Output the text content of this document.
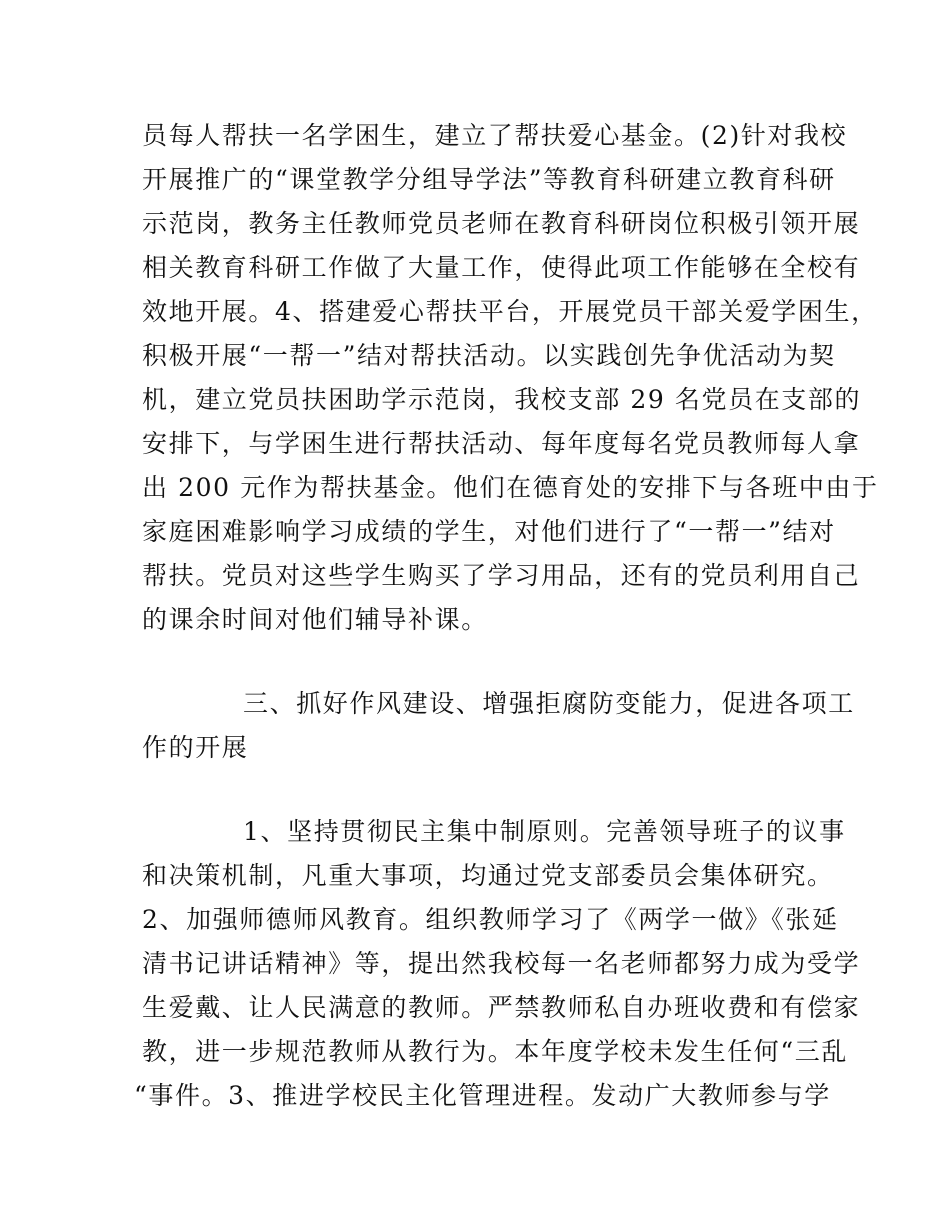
员每人帮扶一名学困生，建立了帮扶爱心基金。(2)针对我校
开展推广的“课堂教学分组导学法”等教育科研建立教育科研
示范岗，教务主任教师党员老师在教育科研岗位积极引领开展
相关教育科研工作做了大量工作，使得此项工作能够在全校有
效地开展。4、搭建爱心帮扶平台，开展党员干部关爱学困生，
积极开展“一帮一”结对帮扶活动。以实践创先争优活动为契
机，建立党员扶困助学示范岗，我校支部 29 名党员在支部的
安排下，与学困生进行帮扶活动、每年度每名党员教师每人拿
出 200 元作为帮扶基金。他们在德育处的安排下与各班中由于
家庭困难影响学习成绩的学生，对他们进行了“一帮一”结对
帮扶。党员对这些学生购买了学习用品，还有的党员利用自己
的课余时间对他们辅导补课。
三、抓好作风建设、增强拒腐防变能力，促进各项工
作的开展
1、坚持贯彻民主集中制原则。完善领导班子的议事
和决策机制，凡重大事项，均通过党支部委员会集体研究。
2、加强师德师风教育。组织教师学习了《两学一做》《张延
清书记讲话精神》等，提出然我校每一名老师都努力成为受学
生爱戴、让人民满意的教师。严禁教师私自办班收费和有偿家
教，进一步规范教师从教行为。本年度学校未发生任何“三乱
“事件。3、推进学校民主化管理进程。发动广大教师参与学
